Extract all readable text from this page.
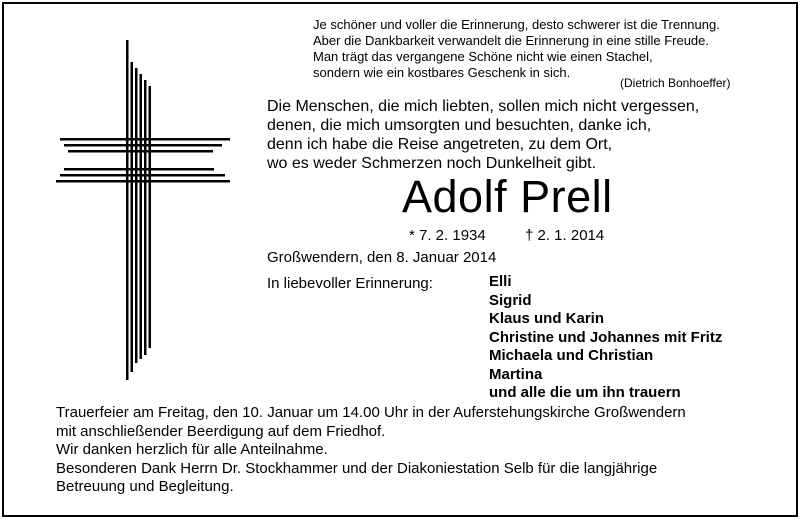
Je schöner und voller die Erinnerung, desto schwerer ist die Trennung.
Aber die Dankbarkeit verwandelt die Erinnerung in eine stille Freude.
Man trägt das vergangene Schöne nicht wie einen Stachel,
sondern wie ein kostbares Geschenk in sich.
(Dietrich Bonhoeffer)
Die Menschen, die mich liebten, sollen mich nicht vergessen,
denen, die mich umsorgten und besuchten, danke ich,
denn ich habe die Reise angetreten, zu dem Ort,
wo es weder Schmerzen noch Dunkelheit gibt.
Adolf Prell
* 7. 2. 1934	† 2. 1. 2014
Großwendern, den 8. Januar 2014
In liebevoller Erinnerung:	Elli
Sigrid
Klaus und Karin
Christine und Johannes mit Fritz
Michaela und Christian
Martina
und alle die um ihn trauern
Trauerfeier am Freitag, den 10. Januar um 14.00 Uhr in der Auferstehungskirche Großwendern
mit anschließender Beerdigung auf dem Friedhof.
Wir danken herzlich für alle Anteilnahme.
Besonderen Dank Herrn Dr. Stockhammer und der Diakoniestation Selb für die langjährige
Betreuung und Begleitung.
